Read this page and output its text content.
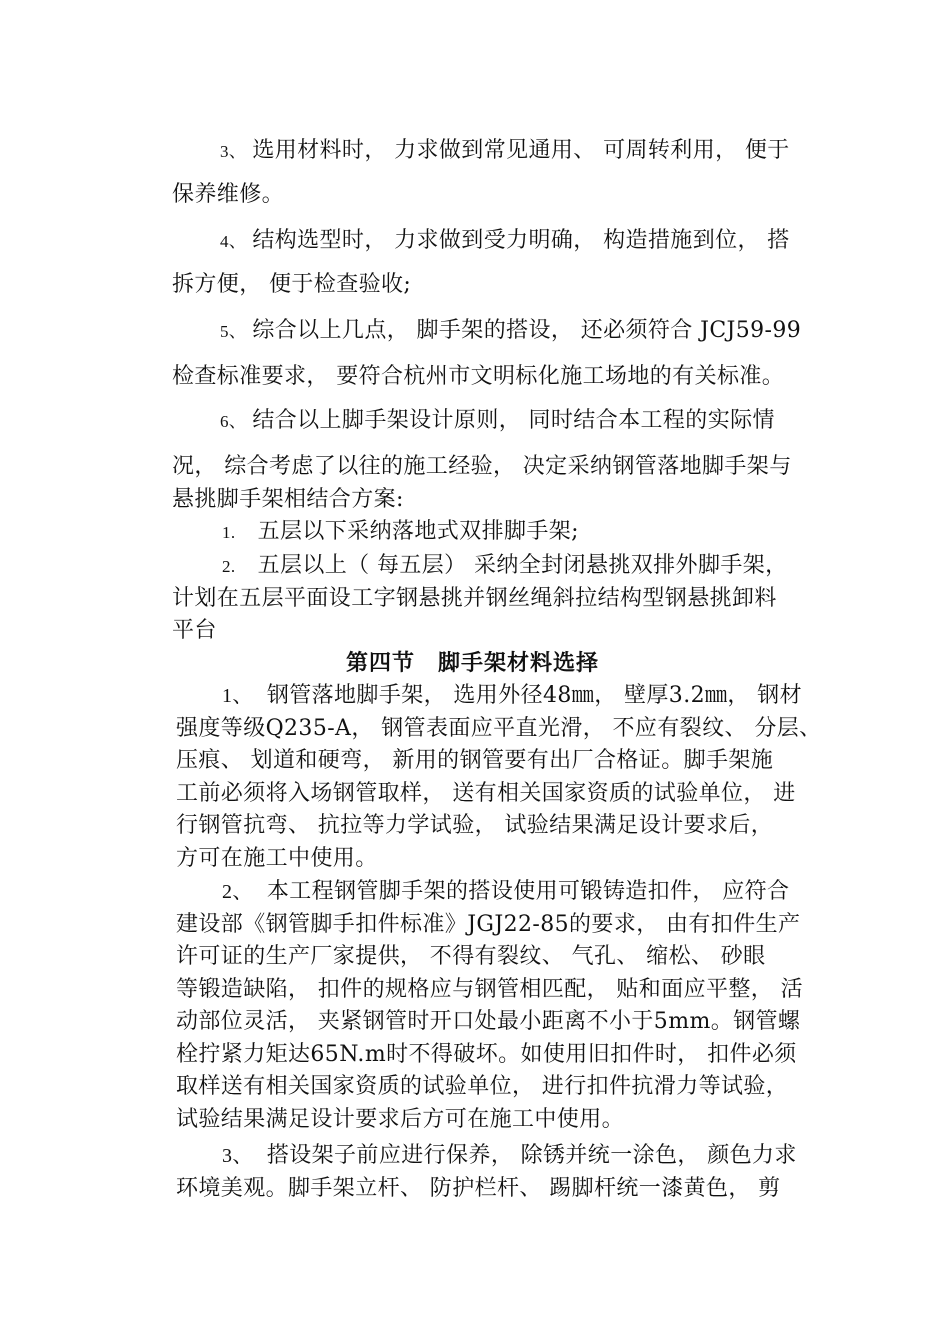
3、 选用材料时， 力求做到常见通用、 可周转利用， 便于
保养维修。
4、 结构选型时， 力求做到受力明确， 构造措施到位， 搭
拆方便， 便于检查验收;
5、 综合以上几点， 脚手架的搭设， 还必须符合 JCJ59-99
检查标准要求， 要符合杭州市文明标化施工场地的有关标准。
6、 结合以上脚手架设计原则， 同时结合本工程的实际情
况， 综合考虑了以往的施工经验， 决定采纳钢管落地脚手架与
悬挑脚手架相结合方案:
1. 五层以下采纳落地式双排脚手架;
2. 五层以上（ 每五层） 采纳全封闭悬挑双排外脚手架，
计划在五层平面设工字钢悬挑并钢丝绳斜拉结构型钢悬挑卸料
平台
第四节　脚手架材料选择
1、 钢管落地脚手架， 选用外径48㎜， 壁厚3.2㎜， 钢材
强度等级Q235-A， 钢管表面应平直光滑， 不应有裂纹、 分层、
压痕、 划道和硬弯， 新用的钢管要有出厂合格证。脚手架施
工前必须将入场钢管取样， 送有相关国家资质的试验单位， 进
行钢管抗弯、 抗拉等力学试验， 试验结果满足设计要求后，
方可在施工中使用。
2、 本工程钢管脚手架的搭设使用可锻铸造扣件， 应符合
建设部《钢管脚手扣件标准》JGJ22-85的要求， 由有扣件生产
许可证的生产厂家提供， 不得有裂纹、 气孔、 缩松、 砂眼
等锻造缺陷， 扣件的规格应与钢管相匹配， 贴和面应平整， 活
动部位灵活， 夹紧钢管时开口处最小距离不小于5mm。钢管螺
栓拧紧力矩达65N.m时不得破坏。如使用旧扣件时， 扣件必须
取样送有相关国家资质的试验单位， 进行扣件抗滑力等试验，
试验结果满足设计要求后方可在施工中使用。
3、 搭设架子前应进行保养， 除锈并统一涂色， 颜色力求
环境美观。脚手架立杆、 防护栏杆、 踢脚杆统一漆黄色， 剪
